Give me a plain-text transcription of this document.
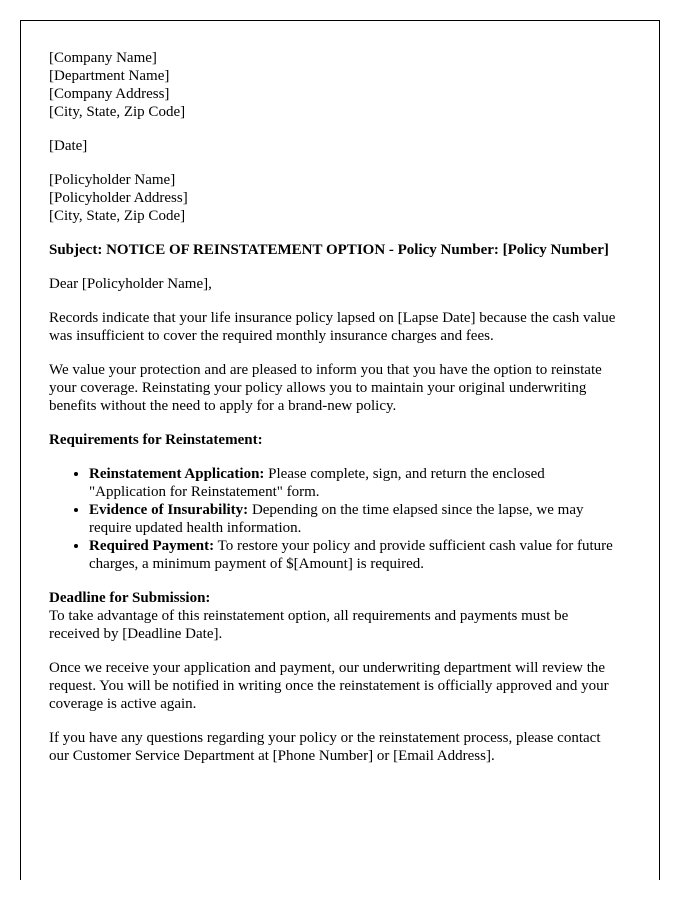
[Company Name]
[Department Name]
[Company Address]
[City, State, Zip Code]
[Date]
[Policyholder Name]
[Policyholder Address]
[City, State, Zip Code]

Subject: NOTICE OF REINSTATEMENT OPTION - Policy Number: [Policy Number]

Dear [Policyholder Name],

Records indicate that your life insurance policy lapsed on [Lapse Date] because the cash value was insufficient to cover the required monthly insurance charges and fees.

We value your protection and are pleased to inform you that you have the option to reinstate your coverage. Reinstating your policy allows you to maintain your original underwriting benefits without the need to apply for a brand-new policy.

Requirements for Reinstatement:

• Reinstatement Application: Please complete, sign, and return the enclosed "Application for Reinstatement" form.
• Evidence of Insurability: Depending on the time elapsed since the lapse, we may require updated health information.
• Required Payment: To restore your policy and provide sufficient cash value for future charges, a minimum payment of $[Amount] is required.

Deadline for Submission:
To take advantage of this reinstatement option, all requirements and payments must be received by [Deadline Date].

Once we receive your application and payment, our underwriting department will review the request. You will be notified in writing once the reinstatement is officially approved and your coverage is active again.

If you have any questions regarding your policy or the reinstatement process, please contact our Customer Service Department at [Phone Number] or [Email Address].
